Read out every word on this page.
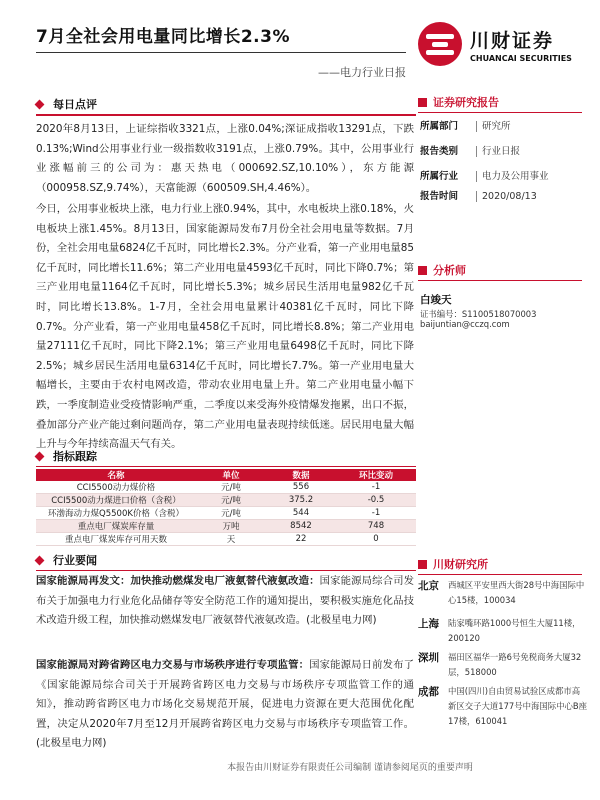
7月全社会用电量同比增长2.3%
——电力行业日报
川财证券
CHUANCAI SECURITIES
每日点评
2020年8月13日，上证综指收3321点，上涨0.04%;深证成指收13291点，下跌0.13%;Wind公用事业行业一级指数收3191点，上涨0.79%。其中，公用事业行业涨幅前三的公司为：惠天热电（000692.SZ,10.10%），东方能源（000958.SZ,9.74%），天富能源（600509.SH,4.46%）。
今日，公用事业板块上涨，电力行业上涨0.94%，其中，水电板块上涨0.18%，火电板块上涨1.45%。8月13日，国家能源局发布7月份全社会用电量等数据。7月份，全社会用电量6824亿千瓦时，同比增长2.3%。分产业看，第一产业用电量85亿千瓦时，同比增长11.6%；第二产业用电量4593亿千瓦时，同比下降0.7%；第三产业用电量1164亿千瓦时，同比增长5.3%；城乡居民生活用电量982亿千瓦时，同比增长13.8%。1-7月，全社会用电量累计40381亿千瓦时，同比下降0.7%。分产业看，第一产业用电量458亿千瓦时，同比增长8.8%；第二产业用电量27111亿千瓦时，同比下降2.1%；第三产业用电量6498亿千瓦时，同比下降2.5%；城乡居民生活用电量6314亿千瓦时，同比增长7.7%。第一产业用电量大幅增长，主要由于农村电网改造，带动农业用电量上升。第二产业用电量小幅下跌，一季度制造业受疫情影响严重，二季度以来受海外疫情爆发拖累，出口不振，叠加部分产业产能过剩问题尚存，第二产业用电量表现持续低迷。居民用电量大幅上升与今年持续高温天气有关。
指标跟踪
名称	单位	数据	环比变动
CCI5500动力煤价格	元/吨	556	-1
CCI5500动力煤进口价格（含税）	元/吨	375.2	-0.5
环渤海动力煤Q5500K价格（含税）	元/吨	544	-1
重点电厂煤炭库存量	万吨	8542	748
重点电厂煤炭库存可用天数	天	22	0
行业要闻
国家能源局再发文：加快推动燃煤发电厂液氨替代液氨改造：国家能源局综合司发布关于加强电力行业危化品储存等安全防范工作的通知提出，要积极实施危化品技术改造升级工程，加快推动燃煤发电厂液氨替代液氨改造。(北极星电力网)
国家能源局对跨省跨区电力交易与市场秩序进行专项监管：国家能源局日前发布了《国家能源局综合司关于开展跨省跨区电力交易与市场秩序专项监管工作的通知》，推动跨省跨区电力市场化交易规范开展，促进电力资源在更大范围优化配置，决定从2020年7月至12月开展跨省跨区电力交易与市场秩序专项监管工作。(北极星电力网)
证券研究报告
所属部门	研究所
报告类别	行业日报
所属行业	电力及公用事业
报告时间	2020/08/13
分析师
白竣天
证书编号：S1100518070003
baijuntian@cczq.com
川财研究所
北京 西城区平安里西大街28号中海国际中心15楼，100034
上海 陆家嘴环路1000号恒生大厦11楼，200120
深圳 福田区福华一路6号免税商务大厦32层，518000
成都 中国(四川)自由贸易试验区成都市高新区交子大道177号中海国际中心B座17楼，610041
本报告由川财证券有限责任公司编制 谨请参阅尾页的重要声明
